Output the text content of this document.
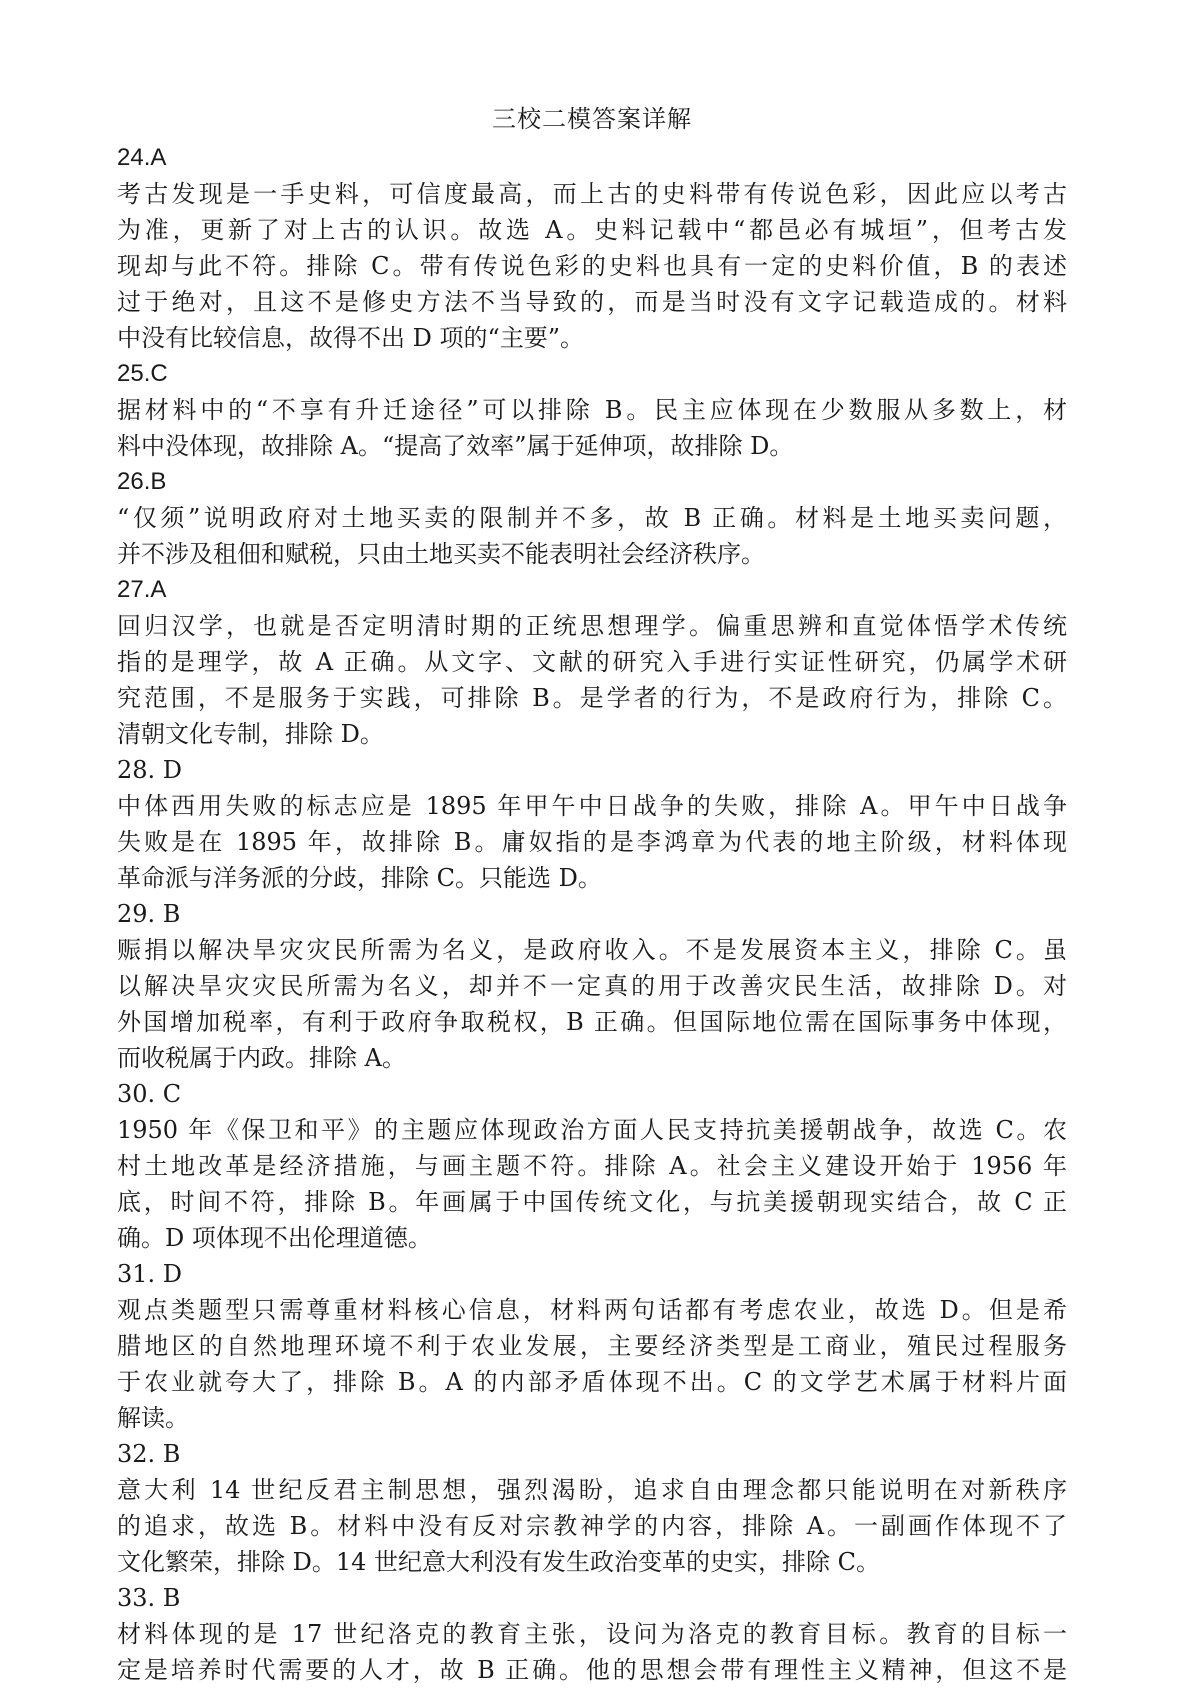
三校二模答案详解
24.A
考古发现是一手史料，可信度最高，而上古的史料带有传说色彩，因此应以考古
为准，更新了对上古的认识。故选 A。史料记载中“都邑必有城垣”，但考古发
现却与此不符。排除 C。带有传说色彩的史料也具有一定的史料价值，B 的表述
过于绝对，且这不是修史方法不当导致的，而是当时没有文字记载造成的。材料
中没有比较信息，故得不出 D 项的“主要”。
25.C
据材料中的“不享有升迁途径”可以排除 B。民主应体现在少数服从多数上，材
料中没体现，故排除 A。“提高了效率”属于延伸项，故排除 D。
26.B
“仅须”说明政府对土地买卖的限制并不多，故 B 正确。材料是土地买卖问题，
并不涉及租佃和赋税，只由土地买卖不能表明社会经济秩序。
27.A
回归汉学，也就是否定明清时期的正统思想理学。偏重思辨和直觉体悟学术传统
指的是理学，故 A 正确。从文字、文献的研究入手进行实证性研究，仍属学术研
究范围，不是服务于实践，可排除 B。是学者的行为，不是政府行为，排除 C。
清朝文化专制，排除 D。
28. D
中体西用失败的标志应是 1895 年甲午中日战争的失败，排除 A。甲午中日战争
失败是在 1895 年，故排除 B。庸奴指的是李鸿章为代表的地主阶级，材料体现
革命派与洋务派的分歧，排除 C。只能选 D。
29. B
赈捐以解决旱灾灾民所需为名义，是政府收入。不是发展资本主义，排除 C。虽
以解决旱灾灾民所需为名义，却并不一定真的用于改善灾民生活，故排除 D。对
外国增加税率，有利于政府争取税权，B 正确。但国际地位需在国际事务中体现，
而收税属于内政。排除 A。
30. C
1950 年《保卫和平》的主题应体现政治方面人民支持抗美援朝战争，故选 C。农
村土地改革是经济措施，与画主题不符。排除 A。社会主义建设开始于 1956 年
底，时间不符，排除 B。年画属于中国传统文化，与抗美援朝现实结合，故 C 正
确。D 项体现不出伦理道德。
31. D
观点类题型只需尊重材料核心信息，材料两句话都有考虑农业，故选 D。但是希
腊地区的自然地理环境不利于农业发展，主要经济类型是工商业，殖民过程服务
于农业就夸大了，排除 B。A 的内部矛盾体现不出。C 的文学艺术属于材料片面
解读。
32. B
意大利 14 世纪反君主制思想，强烈渴盼，追求自由理念都只能说明在对新秩序
的追求，故选 B。材料中没有反对宗教神学的内容，排除 A。一副画作体现不了
文化繁荣，排除 D。14 世纪意大利没有发生政治变革的史实，排除 C。
33. B
材料体现的是 17 世纪洛克的教育主张，设问为洛克的教育目标。教育的目标一
定是培养时代需要的人才，故 B 正确。他的思想会带有理性主义精神，但这不是
